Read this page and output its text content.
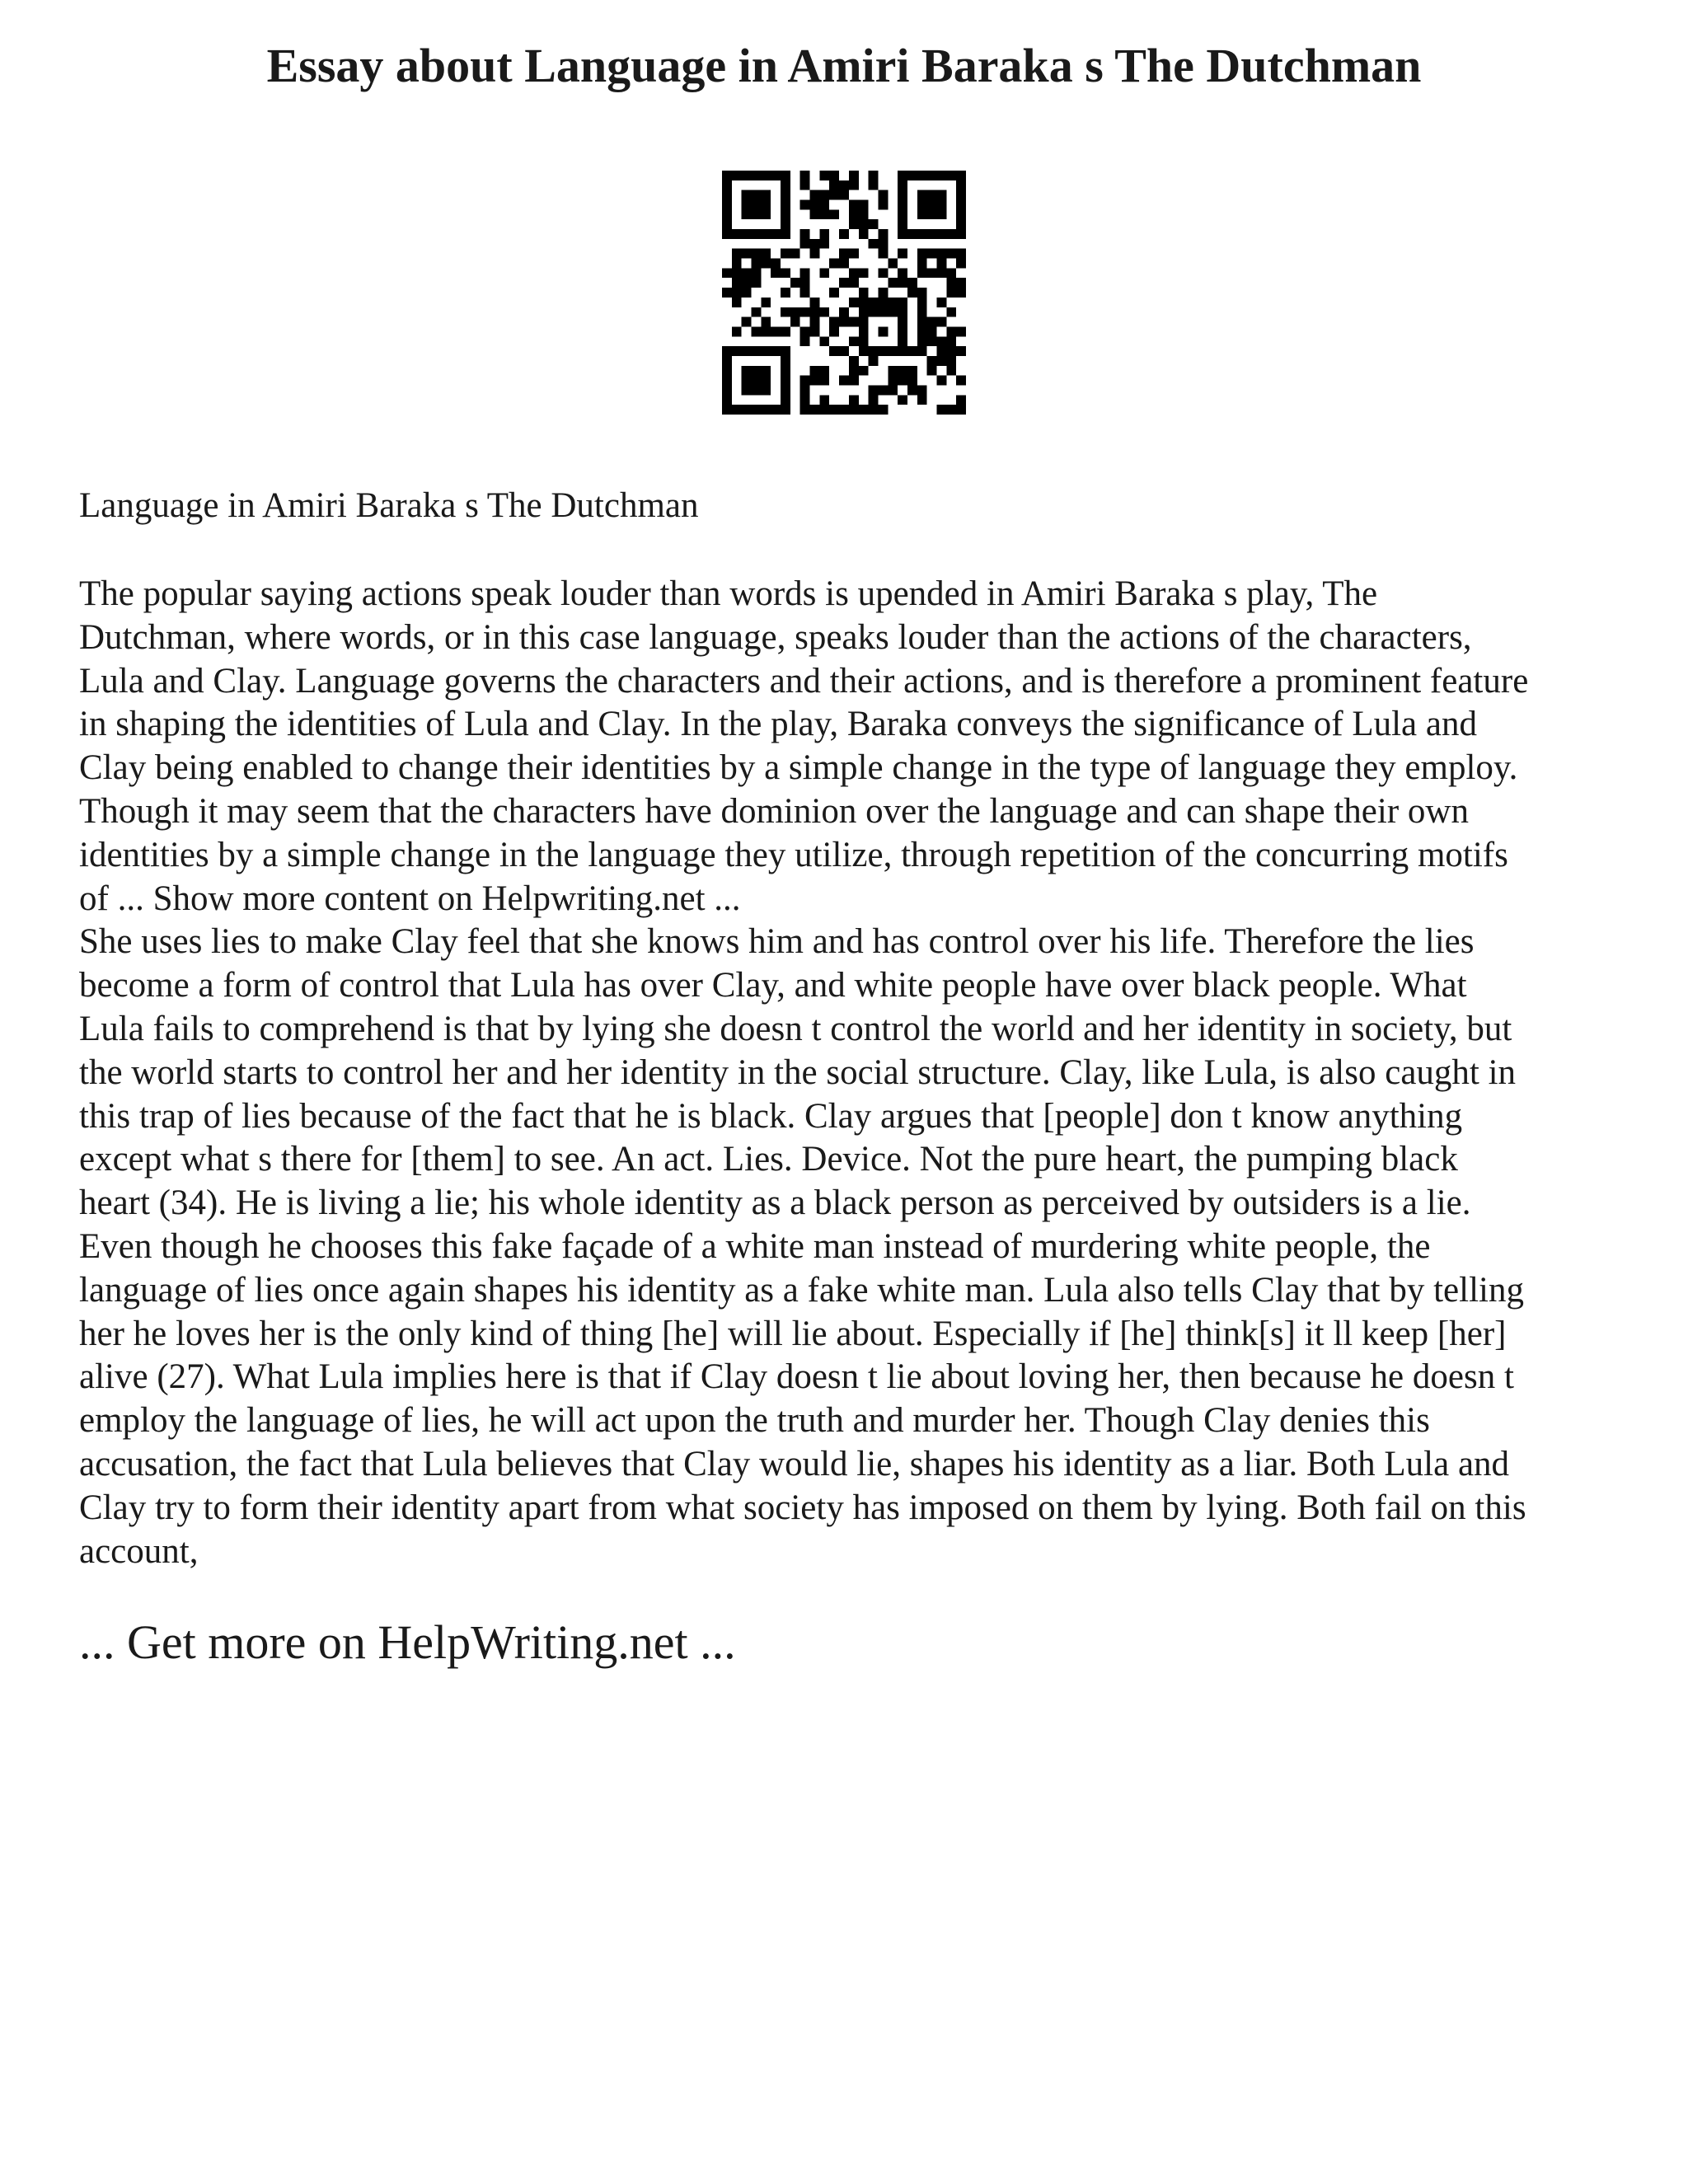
Essay about Language in Amiri Baraka s The Dutchman

Language in Amiri Baraka s The Dutchman

The popular saying actions speak louder than words is upended in Amiri Baraka s play, The
Dutchman, where words, or in this case language, speaks louder than the actions of the characters,
Lula and Clay. Language governs the characters and their actions, and is therefore a prominent feature
in shaping the identities of Lula and Clay. In the play, Baraka conveys the significance of Lula and
Clay being enabled to change their identities by a simple change in the type of language they employ.
Though it may seem that the characters have dominion over the language and can shape their own
identities by a simple change in the language they utilize, through repetition of the concurring motifs
of ... Show more content on Helpwriting.net ...
She uses lies to make Clay feel that she knows him and has control over his life. Therefore the lies
become a form of control that Lula has over Clay, and white people have over black people. What
Lula fails to comprehend is that by lying she doesn t control the world and her identity in society, but
the world starts to control her and her identity in the social structure. Clay, like Lula, is also caught in
this trap of lies because of the fact that he is black. Clay argues that [people] don t know anything
except what s there for [them] to see. An act. Lies. Device. Not the pure heart, the pumping black
heart (34). He is living a lie; his whole identity as a black person as perceived by outsiders is a lie.
Even though he chooses this fake façade of a white man instead of murdering white people, the
language of lies once again shapes his identity as a fake white man. Lula also tells Clay that by telling
her he loves her is the only kind of thing [he] will lie about. Especially if [he] think[s] it ll keep [her]
alive (27). What Lula implies here is that if Clay doesn t lie about loving her, then because he doesn t
employ the language of lies, he will act upon the truth and murder her. Though Clay denies this
accusation, the fact that Lula believes that Clay would lie, shapes his identity as a liar. Both Lula and
Clay try to form their identity apart from what society has imposed on them by lying. Both fail on this
account,

... Get more on HelpWriting.net ...
